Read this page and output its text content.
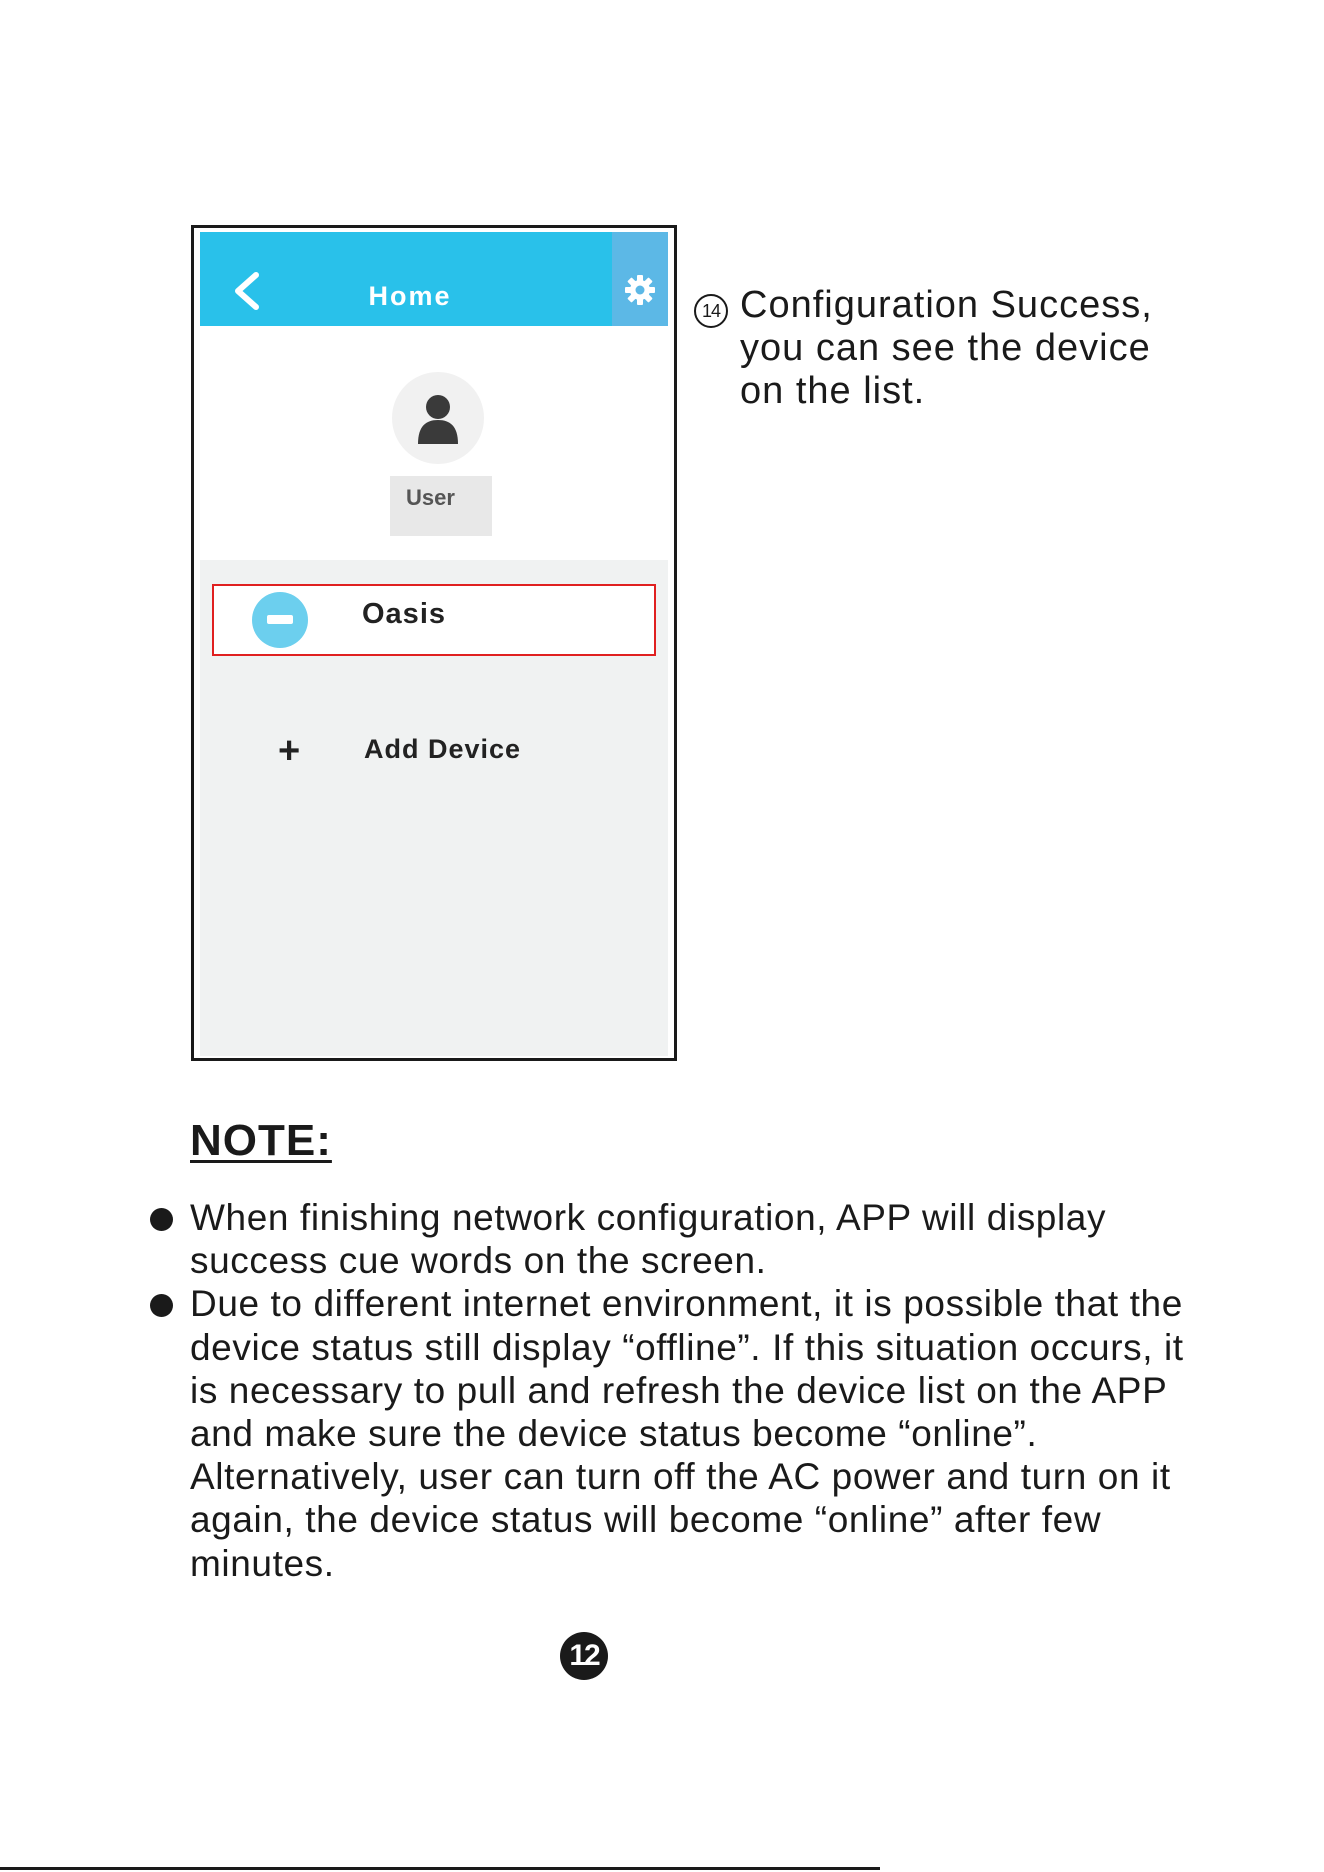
Home
User
Oasis
+ Add Device
14 Configuration Success, you can see the device on the list.

NOTE:
When finishing network configuration, APP will display success cue words on the screen.
Due to different internet environment, it is possible that the device status still display “offline”. If this situation occurs, it is necessary to pull and refresh the device list on the APP and make sure the device status become “online”. Alternatively, user can turn off the AC power and turn on it again, the device status will become “online” after few minutes.
12
